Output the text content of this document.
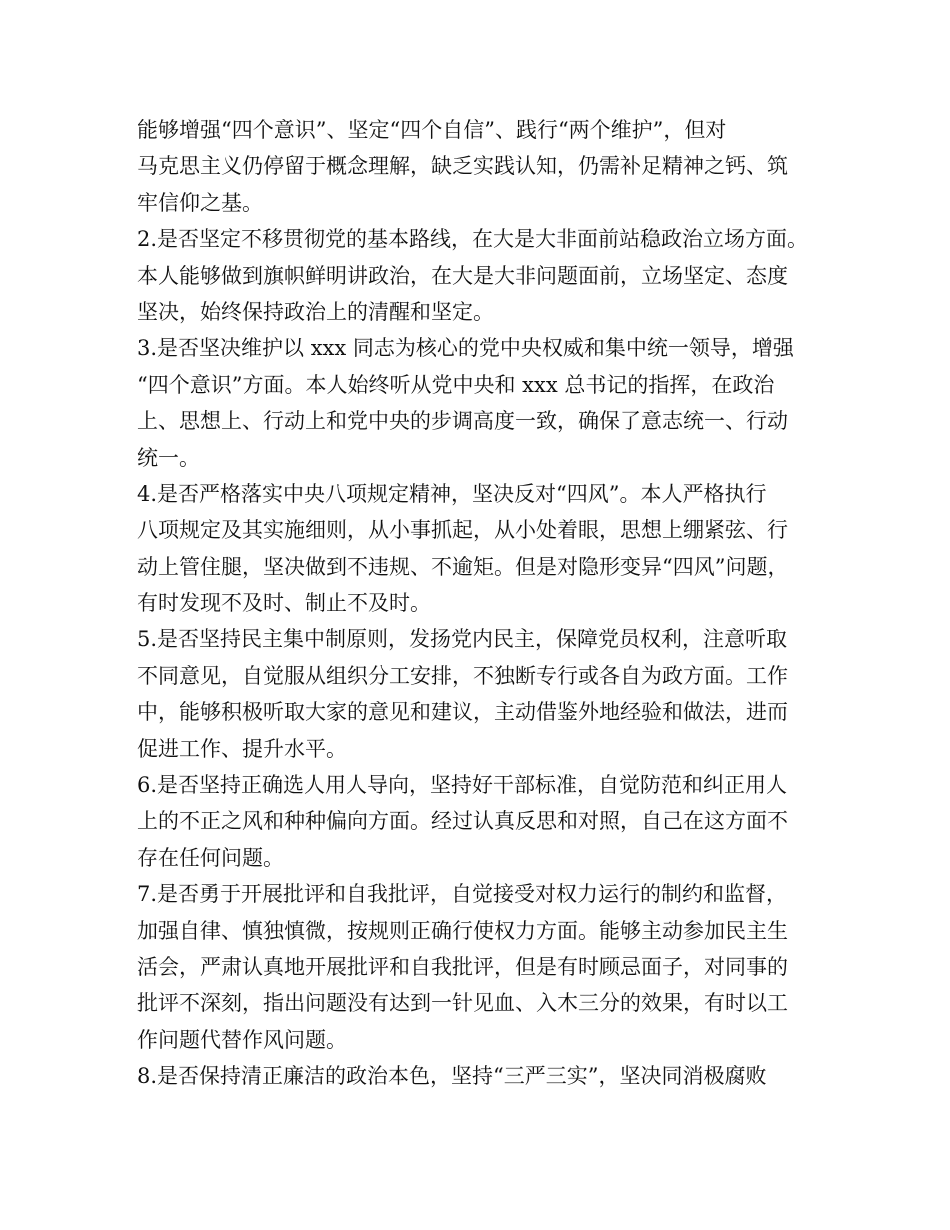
能够增强“四个意识”、坚定“四个自信”、践行“两个维护”，但对
马克思主义仍停留于概念理解，缺乏实践认知，仍需补足精神之钙、筑
牢信仰之基。
2.是否坚定不移贯彻党的基本路线，在大是大非面前站稳政治立场方面。
本人能够做到旗帜鲜明讲政治，在大是大非问题面前，立场坚定、态度
坚决，始终保持政治上的清醒和坚定。
3.是否坚决维护以 xxx 同志为核心的党中央权威和集中统一领导，增强
“四个意识”方面。本人始终听从党中央和 xxx 总书记的指挥，在政治
上、思想上、行动上和党中央的步调高度一致，确保了意志统一、行动
统一。
4.是否严格落实中央八项规定精神，坚决反对“四风”。本人严格执行
八项规定及其实施细则，从小事抓起，从小处着眼，思想上绷紧弦、行
动上管住腿，坚决做到不违规、不逾矩。但是对隐形变异“四风”问题，
有时发现不及时、制止不及时。
5.是否坚持民主集中制原则，发扬党内民主，保障党员权利，注意听取
不同意见，自觉服从组织分工安排，不独断专行或各自为政方面。工作
中，能够积极听取大家的意见和建议，主动借鉴外地经验和做法，进而
促进工作、提升水平。
6.是否坚持正确选人用人导向，坚持好干部标准，自觉防范和纠正用人
上的不正之风和种种偏向方面。经过认真反思和对照，自己在这方面不
存在任何问题。
7.是否勇于开展批评和自我批评，自觉接受对权力运行的制约和监督，
加强自律、慎独慎微，按规则正确行使权力方面。能够主动参加民主生
活会，严肃认真地开展批评和自我批评，但是有时顾忌面子，对同事的
批评不深刻，指出问题没有达到一针见血、入木三分的效果，有时以工
作问题代替作风问题。
8.是否保持清正廉洁的政治本色，坚持“三严三实”，坚决同消极腐败
